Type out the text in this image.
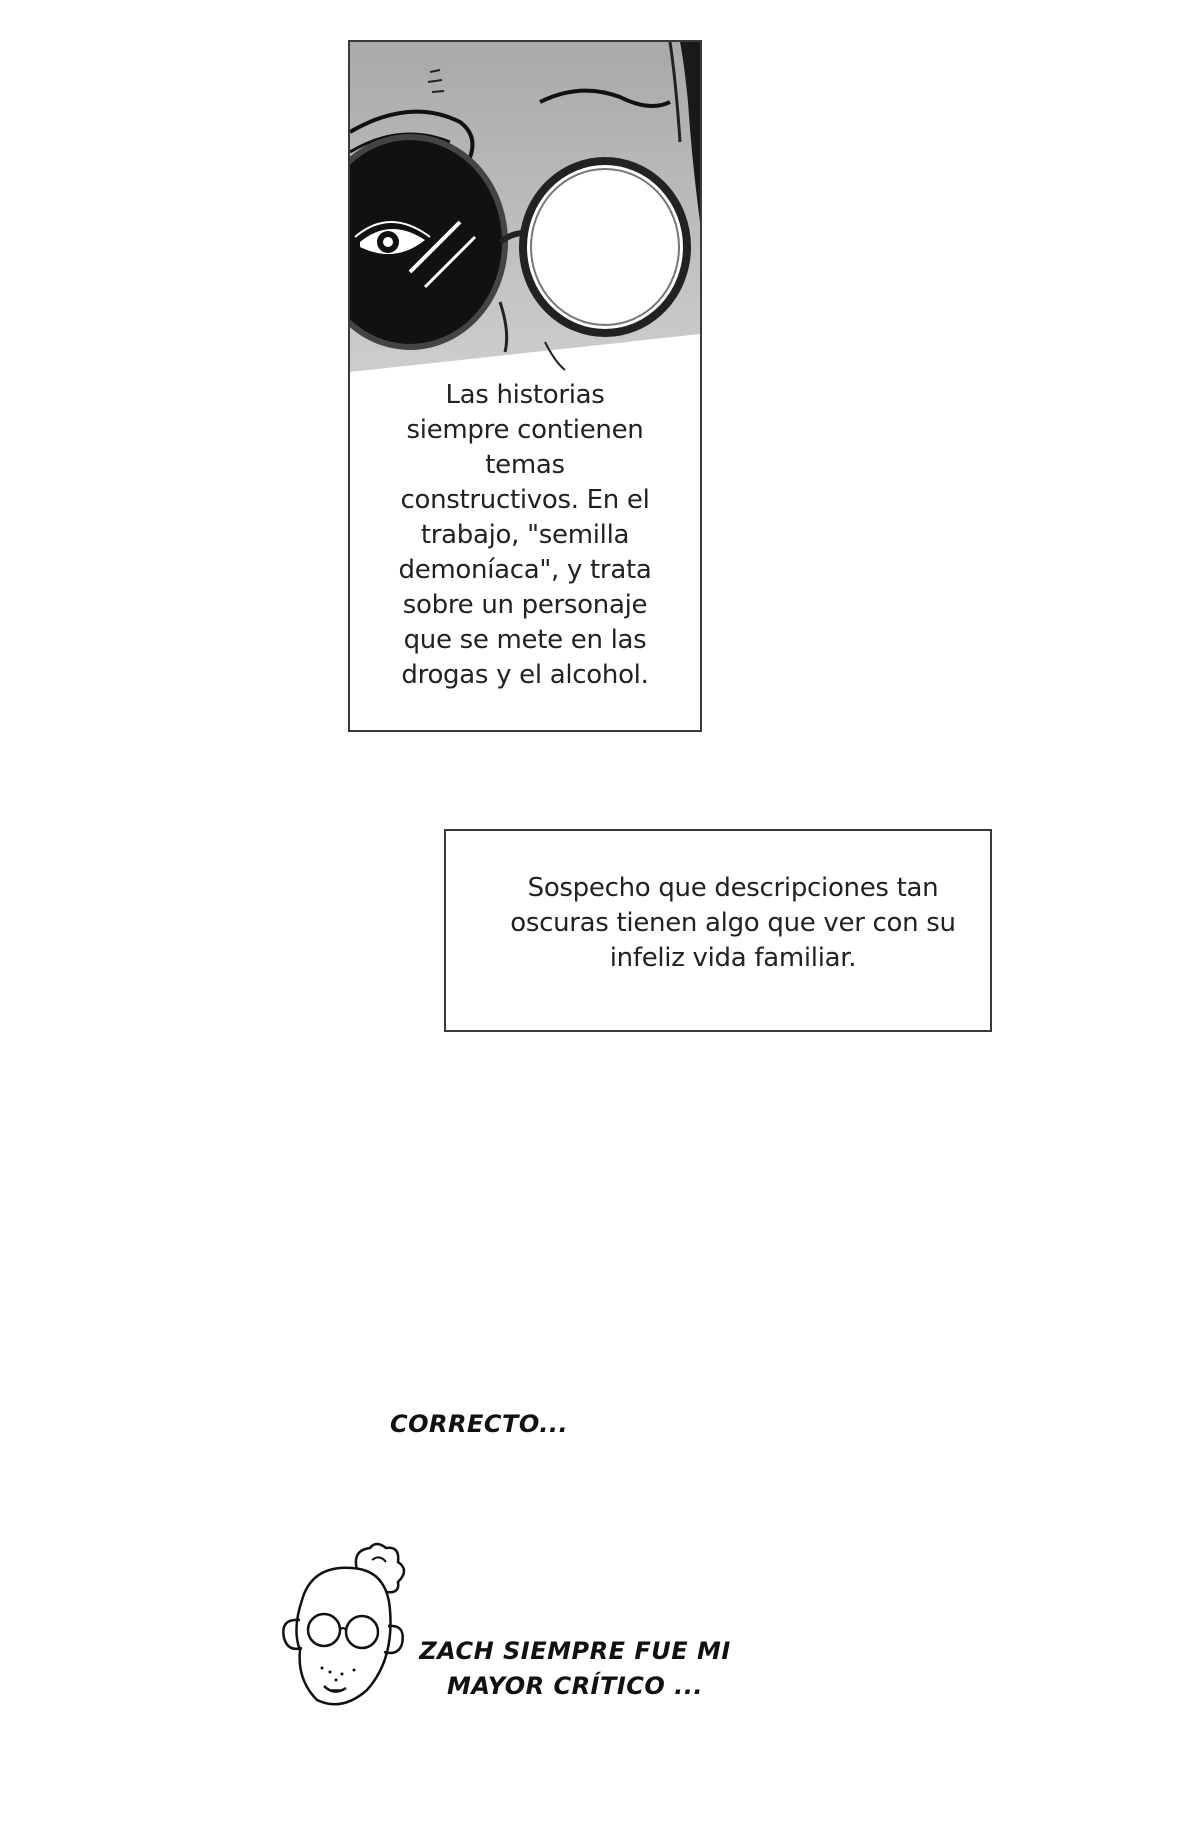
Las historias
siempre contienen
temas
constructivos. En el
trabajo, "semilla
demoníaca", y trata
sobre un personaje
que se mete en las
drogas y el alcohol.
Sospecho que descripciones tan
oscuras tienen algo que ver con su
infeliz vida familiar.
CORRECTO...
ZACH SIEMPRE FUE MI
MAYOR CRÍTICO ...
